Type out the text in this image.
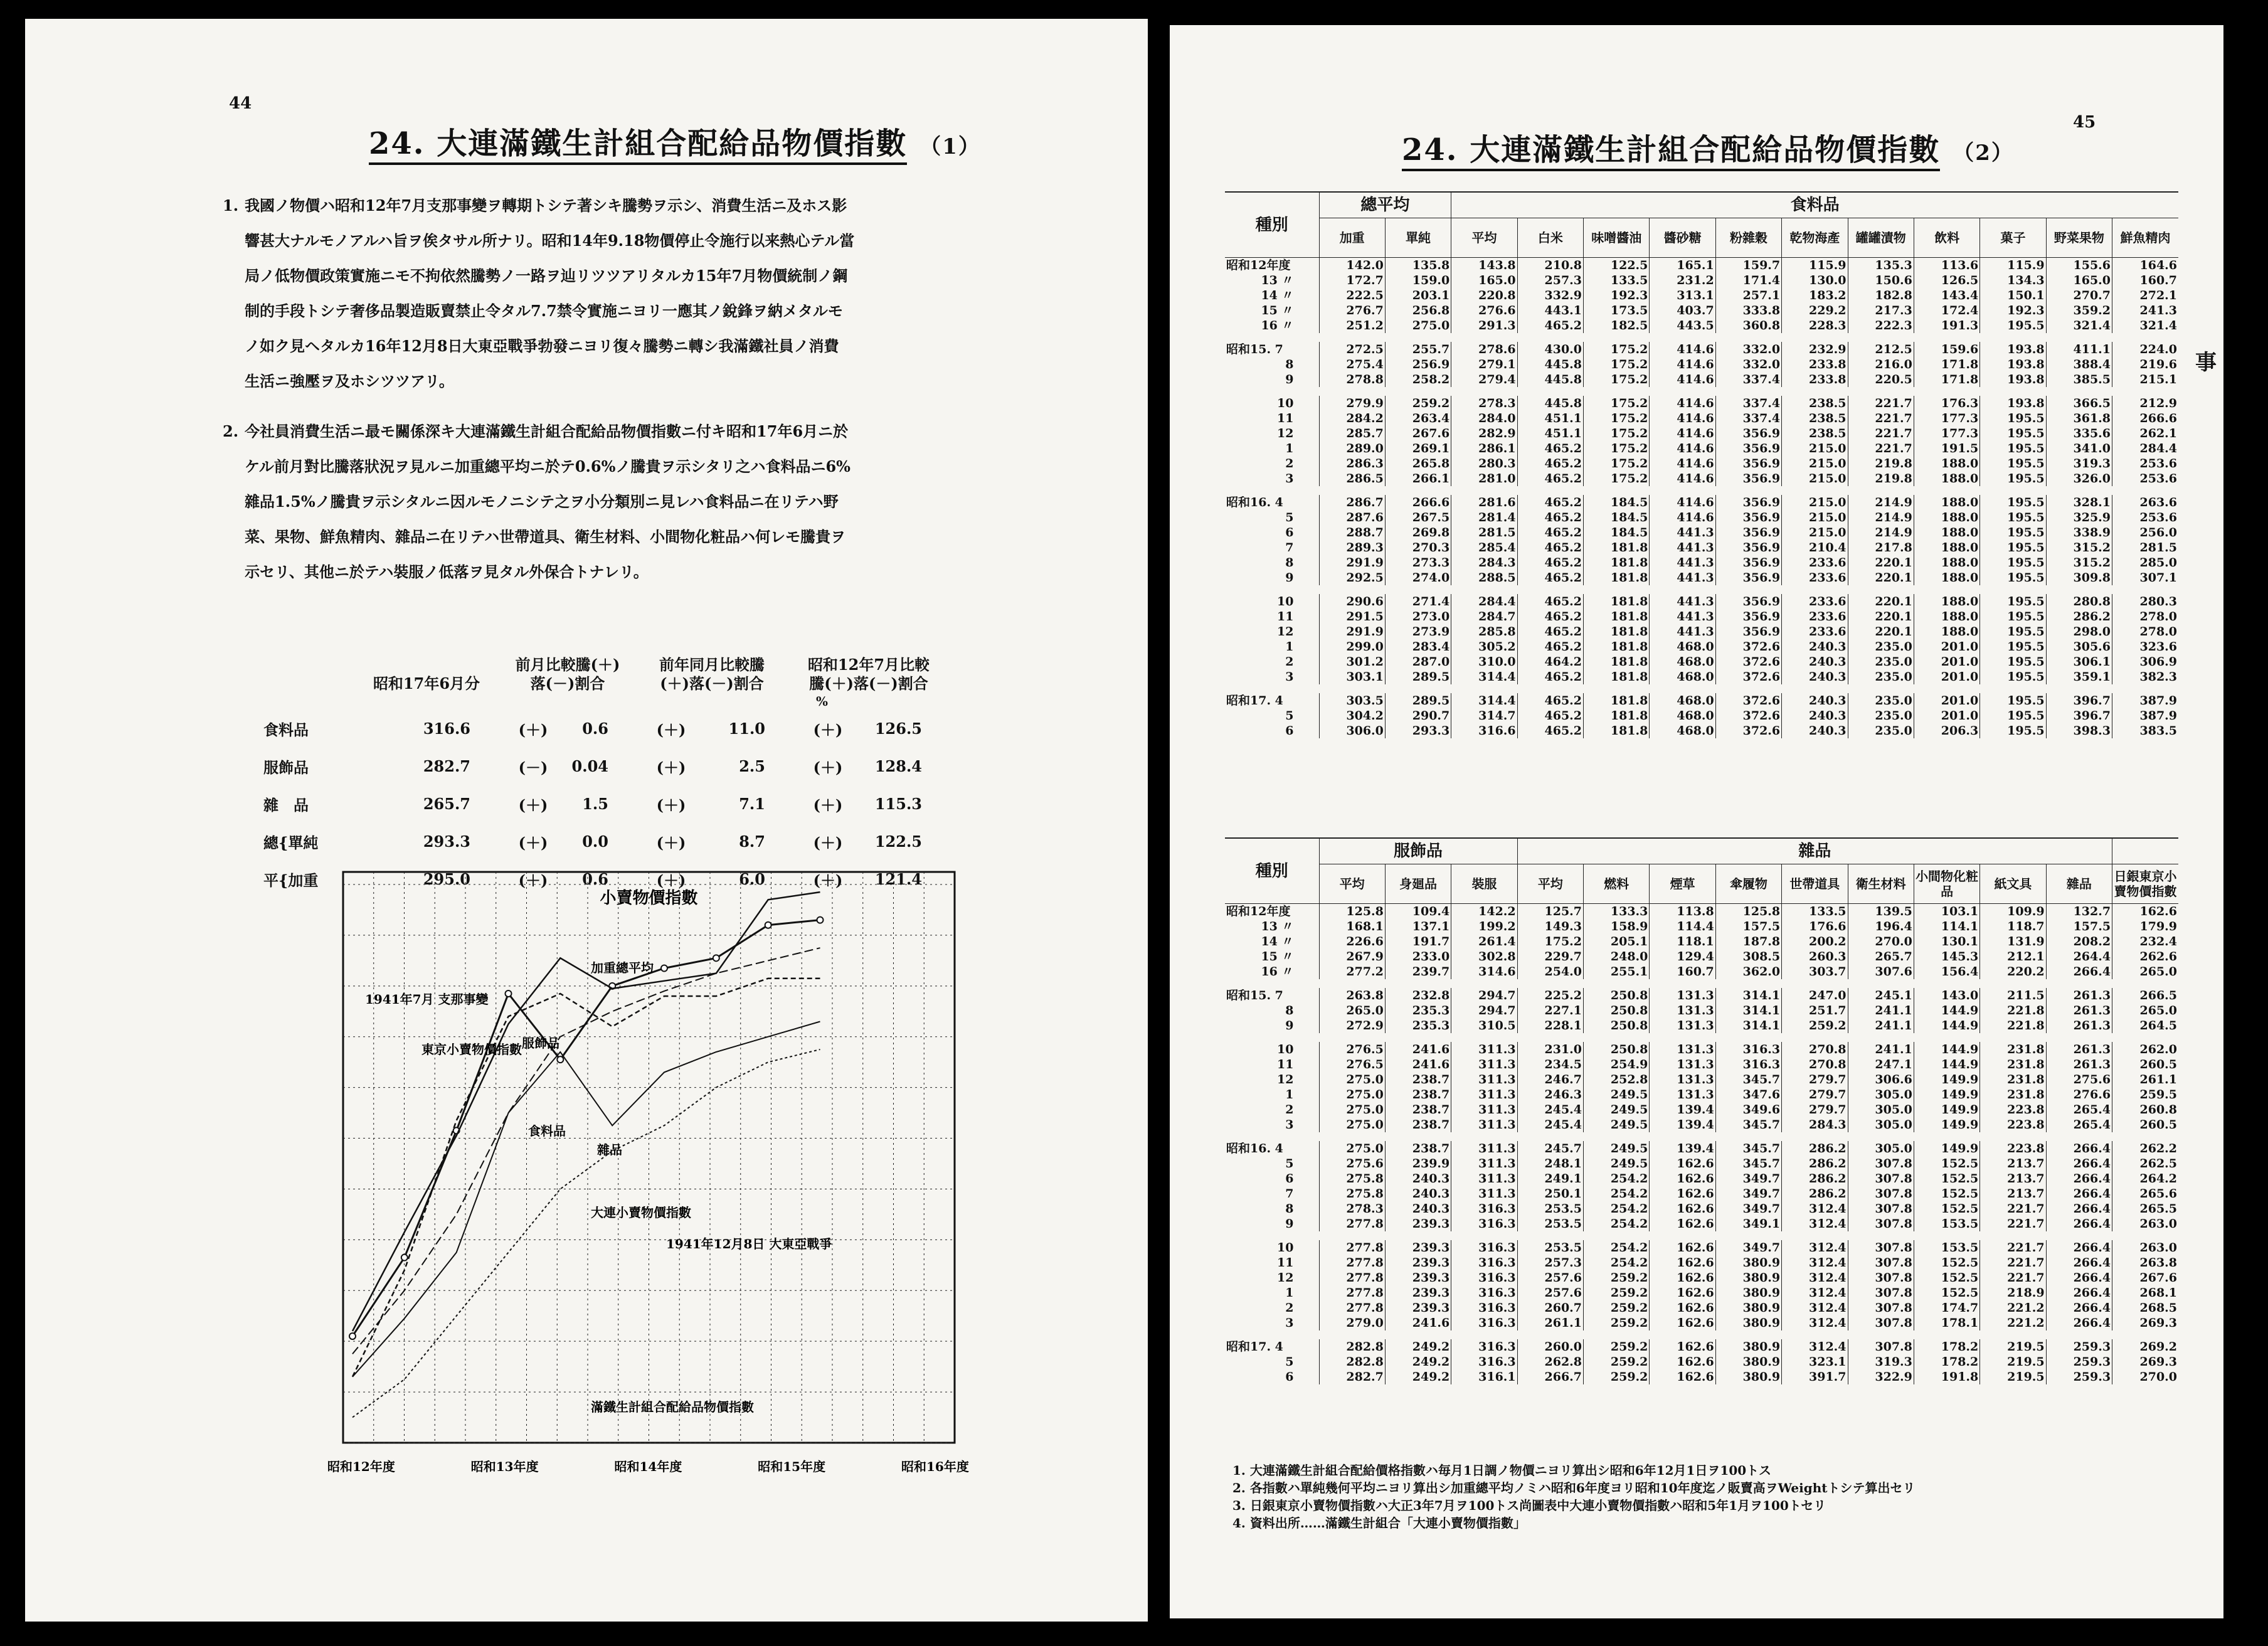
44
24. 大連滿鐵生計組合配給品物價指數 （1）
1. 我國ノ物價ハ昭和12年7月支那事變ヲ轉期トシテ著シキ騰勢ヲ示シ、消費生活ニ及ホス影
響甚大ナルモノアルハ旨ヲ俟タサル所ナリ。昭和14年9.18物價停止令施行以来熱心テル當
局ノ低物價政策實施ニモ不拘依然騰勢ノ一路ヲ辿リツツアリタルカ15年7月物價統制ノ鋼
制的手段トシテ奢侈品製造販賣禁止令タル7.7禁令實施ニヨリ一應其ノ銳鋒ヲ納メタルモ
ノ如ク見ヘタルカ16年12月8日大東亞戰爭勃發ニヨリ復々騰勢ニ轉シ我滿鐵社員ノ消費
生活ニ強壓ヲ及ホシツツアリ。
2. 今社員消費生活ニ最モ關係深キ大連滿鐵生計組合配給品物價指數ニ付キ昭和17年6月ニ於
ケル前月對比騰落狀況ヲ見ルニ加重總平均ニ於テ0.6%ノ騰貴ヲ示シタリ之ハ食料品ニ6%
雜品1.5%ノ騰貴ヲ示シタルニ因ルモノニシテ之ヲ小分類別ニ見レハ食料品ニ在リテハ野
菜、果物、鮮魚精肉、雜品ニ在リテハ世帶道具、衛生材料、小間物化粧品ハ何レモ騰貴ヲ
示セリ、其他ニ於テハ裝服ノ低落ヲ見タル外保合トナレリ。
昭和17年6月分
前月比較騰(＋)
落(－)割合
前年同月比較騰
(＋)落(－)割合
昭和12年7月比較
騰(＋)落(－)割合
%
食料品	316.6	(＋)	0.6	(＋)	11.0	(＋)	126.5
服飾品	282.7	(－)	0.04	(＋)	2.5	(＋)	128.4
雜　品	265.7	(＋)	1.5	(＋)	7.1	(＋)	115.3
總{單純	293.3	(＋)	0.0	(＋)	8.7	(＋)	122.5
平{加重	295.0	(＋)	0.6	(＋)	6.0	(＋)	121.4
小賣物價指數
1941年7月 支那事變
東京小賣物價指數 服飾品
食料品
雜品
大連小賣物價指數
1941年12月8日 大東亞戰爭
加重總平均
滿鐵生計組合配給品物價指數
昭和12年度	昭和13年度	昭和14年度	昭和15年度	昭和16年度
45
24. 大連滿鐵生計組合配給品物價指數 （2）
事
種別	總平均		食料品										
	加重	單純	平均	白米	味噌醬油	醬砂糖	粉雜穀	乾物海產	罐罐漬物	飲料	菓子	野菜果物	鮮魚精肉
昭和12年度	142.0	135.8	143.8	210.8	122.5	165.1	159.7	115.9	135.3	113.6	115.9	155.6	164.6
13 〃	172.7	159.0	165.0	257.3	133.5	231.2	171.4	130.0	150.6	126.5	134.3	165.0	160.7
14 〃	222.5	203.1	220.8	332.9	192.3	313.1	257.1	183.2	182.8	143.4	150.1	270.7	272.1
15 〃	276.7	256.8	276.6	443.1	173.5	403.7	333.8	229.2	217.3	172.4	192.3	359.2	241.3
16 〃	251.2	275.0	291.3	465.2	182.5	443.5	360.8	228.3	222.3	191.3	195.5	321.4	321.4

昭和15. 7	272.5	255.7	278.6	430.0	175.2	414.6	332.0	232.9	212.5	159.6	193.8	411.1	224.0
8	275.4	256.9	279.1	445.8	175.2	414.6	332.0	233.8	216.0	171.8	193.8	388.4	219.6
9	278.8	258.2	279.4	445.8	175.2	414.6	337.4	233.8	220.5	171.8	193.8	385.5	215.1

10	279.9	259.2	278.3	445.8	175.2	414.6	337.4	238.5	221.7	176.3	193.8	366.5	212.9
11	284.2	263.4	284.0	451.1	175.2	414.6	337.4	238.5	221.7	177.3	195.5	361.8	266.6
12	285.7	267.6	282.9	451.1	175.2	414.6	356.9	238.5	221.7	177.3	195.5	335.6	262.1
1	289.0	269.1	286.1	465.2	175.2	414.6	356.9	215.0	221.7	191.5	195.5	341.0	284.4
2	286.3	265.8	280.3	465.2	175.2	414.6	356.9	215.0	219.8	188.0	195.5	319.3	253.6
3	286.5	266.1	281.0	465.2	175.2	414.6	356.9	215.0	219.8	188.0	195.5	326.0	253.6

昭和16. 4	286.7	266.6	281.6	465.2	184.5	414.6	356.9	215.0	214.9	188.0	195.5	328.1	263.6
5	287.6	267.5	281.4	465.2	184.5	414.6	356.9	215.0	214.9	188.0	195.5	325.9	253.6
6	288.7	269.8	281.5	465.2	184.5	441.3	356.9	215.0	214.9	188.0	195.5	338.9	256.0
7	289.3	270.3	285.4	465.2	181.8	441.3	356.9	210.4	217.8	188.0	195.5	315.2	281.5
8	291.9	273.3	284.3	465.2	181.8	441.3	356.9	233.6	220.1	188.0	195.5	315.2	285.0
9	292.5	274.0	288.5	465.2	181.8	441.3	356.9	233.6	220.1	188.0	195.5	309.8	307.1

10	290.6	271.4	284.4	465.2	181.8	441.3	356.9	233.6	220.1	188.0	195.5	280.8	280.3
11	291.5	273.0	284.7	465.2	181.8	441.3	356.9	233.6	220.1	188.0	195.5	286.2	278.0
12	291.9	273.9	285.8	465.2	181.8	441.3	356.9	233.6	220.1	188.0	195.5	298.0	278.0
1	299.0	283.4	305.2	465.2	181.8	468.0	372.6	240.3	235.0	201.0	195.5	305.6	323.6
2	301.2	287.0	310.0	464.2	181.8	468.0	372.6	240.3	235.0	201.0	195.5	306.1	306.9
3	303.1	289.5	314.4	465.2	181.8	468.0	372.6	240.3	235.0	201.0	195.5	359.1	382.3

昭和17. 4	303.5	289.5	314.4	465.2	181.8	468.0	372.6	240.3	235.0	201.0	195.5	396.7	387.9
5	304.2	290.7	314.7	465.2	181.8	468.0	372.6	240.3	235.0	201.0	195.5	396.7	387.9
6	306.0	293.3	316.6	465.2	181.8	468.0	372.6	240.3	235.0	206.3	195.5	398.3	383.5
種別	服飾品			雜品									
	平均	身廻品	裝服	平均	燃料	煙草	傘履物	世帶道具	衛生材料	小間物化粧品	紙文具	雜品	日銀東京小賣物價指數
昭和12年度	125.8	109.4	142.2	125.7	133.3	113.8	125.8	133.5	139.5	103.1	109.9	132.7	162.6
13 〃	168.1	137.1	199.2	149.3	158.9	114.4	157.5	176.6	196.4	114.1	118.7	157.5	179.9
14 〃	226.6	191.7	261.4	175.2	205.1	118.1	187.8	200.2	270.0	130.1	131.9	208.2	232.4
15 〃	267.9	233.0	302.8	229.7	248.0	129.4	308.5	260.3	265.7	145.3	212.1	264.4	262.6
16 〃	277.2	239.7	314.6	254.0	255.1	160.7	362.0	303.7	307.6	156.4	220.2	266.4	265.0

昭和15. 7	263.8	232.8	294.7	225.2	250.8	131.3	314.1	247.0	245.1	143.0	211.5	261.3	266.5
8	265.0	235.3	294.7	227.1	250.8	131.3	314.1	251.7	241.1	144.9	221.8	261.3	265.0
9	272.9	235.3	310.5	228.1	250.8	131.3	314.1	259.2	241.1	144.9	221.8	261.3	264.5

10	276.5	241.6	311.3	231.0	250.8	131.3	316.3	270.8	241.1	144.9	231.8	261.3	262.0
11	276.5	241.6	311.3	234.5	254.9	131.3	316.3	270.8	247.1	144.9	231.8	261.3	260.5
12	275.0	238.7	311.3	246.7	252.8	131.3	345.7	279.7	306.6	149.9	231.8	275.6	261.1
1	275.0	238.7	311.3	246.3	249.5	131.3	347.6	279.7	305.0	149.9	231.8	276.6	259.5
2	275.0	238.7	311.3	245.4	249.5	139.4	349.6	279.7	305.0	149.9	223.8	265.4	260.8
3	275.0	238.7	311.3	245.4	249.5	139.4	345.7	284.3	305.0	149.9	223.8	265.4	260.5

昭和16. 4	275.0	238.7	311.3	245.7	249.5	139.4	345.7	286.2	305.0	149.9	223.8	266.4	262.2
5	275.6	239.9	311.3	248.1	249.5	162.6	345.7	286.2	307.8	152.5	213.7	266.4	262.5
6	275.8	240.3	311.3	249.1	254.2	162.6	349.7	286.2	307.8	152.5	213.7	266.4	264.2
7	275.8	240.3	311.3	250.1	254.2	162.6	349.7	286.2	307.8	152.5	213.7	266.4	265.6
8	278.3	240.3	316.3	253.5	254.2	162.6	349.7	312.4	307.8	152.5	221.7	266.4	265.5
9	277.8	239.3	316.3	253.5	254.2	162.6	349.1	312.4	307.8	153.5	221.7	266.4	263.0

10	277.8	239.3	316.3	253.5	254.2	162.6	349.7	312.4	307.8	153.5	221.7	266.4	263.0
11	277.8	239.3	316.3	257.3	254.2	162.6	380.9	312.4	307.8	152.5	221.7	266.4	263.8
12	277.8	239.3	316.3	257.6	259.2	162.6	380.9	312.4	307.8	152.5	221.7	266.4	267.6
1	277.8	239.3	316.3	257.6	259.2	162.6	380.9	312.4	307.8	152.5	218.9	266.4	268.1
2	277.8	239.3	316.3	260.7	259.2	162.6	380.9	312.4	307.8	174.7	221.2	266.4	268.5
3	279.0	241.6	316.3	261.1	259.2	162.6	380.9	312.4	307.8	178.1	221.2	266.4	269.3

昭和17. 4	282.8	249.2	316.3	260.0	259.2	162.6	380.9	312.4	307.8	178.2	219.5	259.3	269.2
5	282.8	249.2	316.3	262.8	259.2	162.6	380.9	323.1	319.3	178.2	219.5	259.3	269.3
6	282.7	249.2	316.1	266.7	259.2	162.6	380.9	391.7	322.9	191.8	219.5	259.3	270.0
1. 大連滿鐵生計組合配給價格指數ハ毎月1日調ノ物價ニヨリ算出シ昭和6年12月1日ヲ100トス
2. 各指數ハ單純幾何平均ニヨリ算出シ加重總平均ノミハ昭和6年度ヨリ昭和10年度迄ノ販賣高ヲWeightトシテ算出セリ
3. 日銀東京小賣物價指數ハ大正3年7月ヲ100トス尚圖表中大連小賣物價指數ハ昭和5年1月ヲ100トセリ
4. 資料出所……滿鐵生計組合「大連小賣物價指數」
